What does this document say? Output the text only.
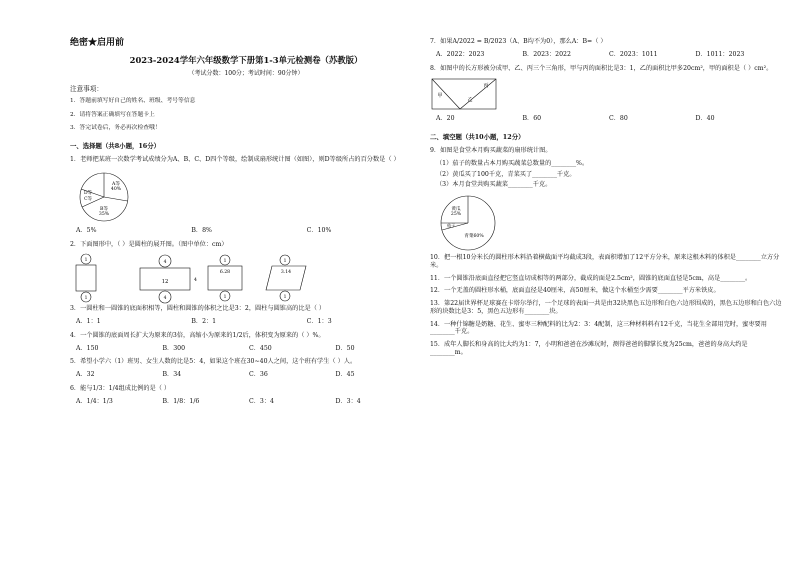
绝密★启用前
2023-2024学年六年级数学下册第1-3单元检测卷（苏教版）
（考试分数：100分；考试时间：90分钟）
注意事项：
1．答题前填写好自己的姓名、班级、考号等信息
2．请将答案正确填写在答题卡上
3．答完试卷后，务必再次检查哦！
一、选择题（共8小题，16分）
1．老师把某班一次数学考试成绩分为A、B、C、D四个等级，绘制成扇形统计图（如图），则D等级所占的百分数是（ ）
A等
40%
B等
35%
C等
D等
A．5%	B．8%	C．10%
2．下面图形中，（ ）是圆柱的展开图。（图中单位：cm）
1
1
4
4
12	4
6.28	3.14
1
1
1
1
3．一圆柱和一圆锥的底面积相等，圆柱和圆锥的体积之比是3：2，圆柱与圆锥高的比是（ ）
A．1：1	B．2：1	C．1：3
4．一个圆锥的底面周长扩大为原来的3倍，高缩小为原来的1/2后，体积变为原来的（ ）%。
A．150	B．300	C．450	D．50
5．希望小学六（1）班男、女生人数的比是5：4，如果这个班在30~40人之间，这个班有学生（ ）人。
A．32	B．34	C．36	D．45
6．能与1/3：1/4组成比例的是（ ）
A．1/4：1/3	B．1/8：1/6	C．3：4	D．3：4
7．如果A/2022 = B/2023（A、B均不为0），那么A：B=（ ）
A．2022：2023	B．2023：2022	C．2023：1011	D．1011：2023
8．如图中的长方形被分成甲、乙、丙三个三角形，甲与丙的面积比是3：1，乙的面积比甲多20cm²，甲的面积是（ ）cm²。
甲
丙
乙
A．20	B．60	C．80	D．40
二、填空题（共10小题，12分）
9．如图是食堂本月购买蔬菜的扇形统计图。
（1）茄子的数量占本月购买蔬菜总数量的________%。
（2）黄瓜买了100千克，青菜买了________千克。
（3）本月食堂共购买蔬菜________千克。
黄瓜
25%
茄子
青菜60%
10．把一根10分米长的圆柱形木料沿着横截面平均截成3段，表面积增加了12平方分米，原来这根木料的体积是________立方分米。
11．一个圆锥沿底面直径把它竖直切成相等的两部分，截成的面是2.5cm²，圆锥的底面直径是5cm，高是________。
12．一个无盖的圆柱形水桶，底面直径是40厘米，高50厘米，做这个水桶至少需要________平方米铁皮。
13．第22届世界杯足球赛在卡塔尔举行，一个足球的表面一共是由32块黑色五边形和白色六边形围成的，黑色五边形和白色六边形的块数比是3：5，黑色五边形有________块。
14．一种什锦糖是奶糖、花生、蜜枣三种配料的比为2：3：4配制，这三种材料料有12千克，当花生全部用完时，蜜枣要用________千克。
15．成年人脚长和身高的比大约为1：7，小明和爸爸在沙滩玩时，测得爸爸的脚掌长度为25cm，爸爸的身高大约是________m。
